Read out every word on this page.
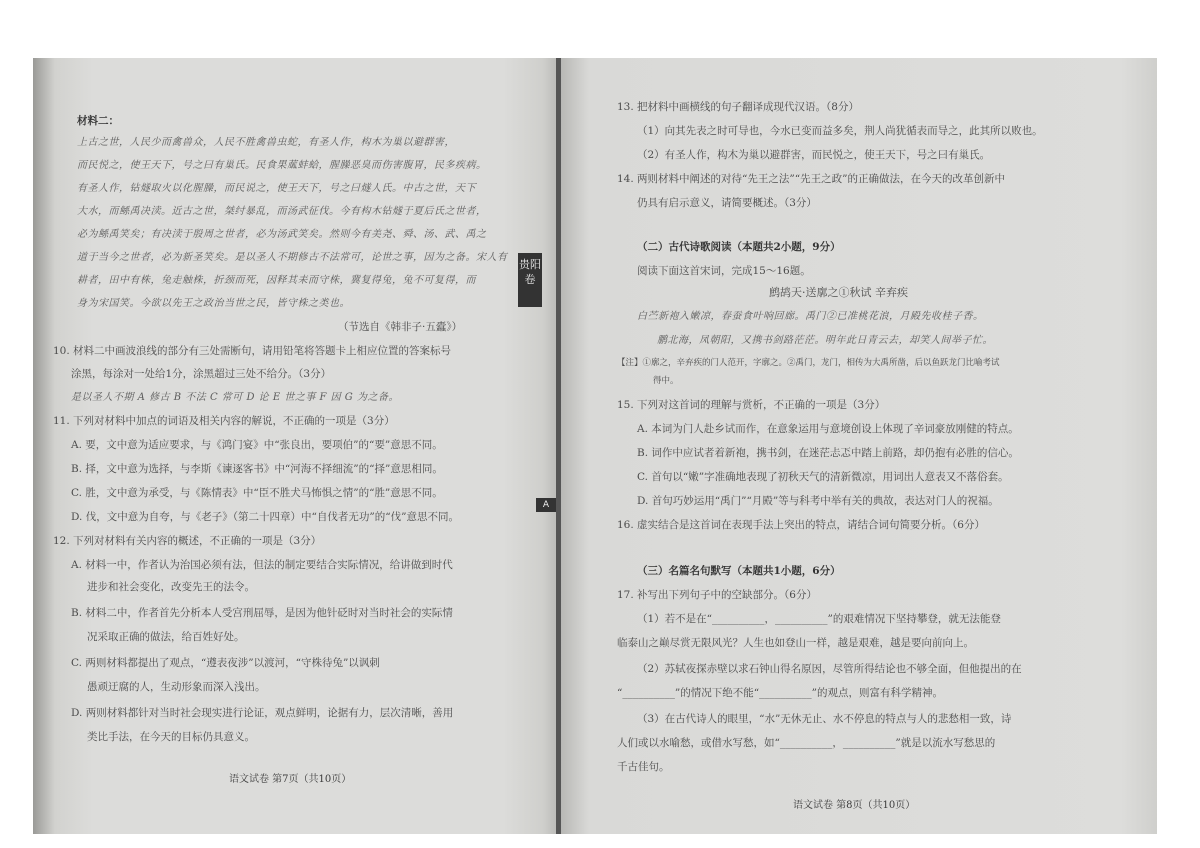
材料二：
上古之世，人民少而禽兽众，人民不胜禽兽虫蛇，有圣人作，构木为巢以避群害，
而民悦之，使王天下，号之曰有巢氏。民食果蓏蚌蛤，腥臊恶臭而伤害腹胃，民多疾病。
有圣人作，钻燧取火以化腥臊，而民说之，使王天下，号之曰燧人氏。中古之世，天下
大水，而鲧禹决渎。近古之世，桀纣暴乱，而汤武征伐。今有构木钻燧于夏后氏之世者，
必为鲧禹笑矣；有决渎于殷周之世者，必为汤武笑矣。然则今有美尧、舜、汤、武、禹之
道于当今之世者，必为新圣笑矣。是以圣人不期修古不法常可，论世之事，因为之备。宋人有
耕者，田中有株，兔走触株，折颈而死，因释其耒而守株，冀复得兔，兔不可复得，而
身为宋国笑。今欲以先王之政治当世之民，皆守株之类也。
（节选自《韩非子·五蠹》）
10. 材料二中画波浪线的部分有三处需断句，请用铅笔将答题卡上相应位置的答案标号
涂黑，每涂对一处给1分，涂黑超过三处不给分。（3分）
是以圣人不期 A 修古 B 不法 C 常可 D 论 E 世之事 F 因 G 为之备。
11. 下列对材料中加点的词语及相关内容的解说，不正确的一项是（3分）
A. 要，文中意为适应要求，与《鸿门宴》中“张良出，要项伯”的“要”意思不同。
B. 择，文中意为选择，与李斯《谏逐客书》中“河海不择细流”的“择”意思相同。
C. 胜，文中意为承受，与《陈情表》中“臣不胜犬马怖惧之情”的“胜”意思不同。
D. 伐，文中意为自夸，与《老子》（第二十四章）中“自伐者无功”的“伐”意思不同。
12. 下列对材料有关内容的概述，不正确的一项是（3分）
A. 材料一中，作者认为治国必须有法，但法的制定要结合实际情况，给讲做到时代
进步和社会变化，改变先王的法令。
B. 材料二中，作者首先分析本人受宫刑屈辱，是因为他针砭时对当时社会的实际情
况采取正确的做法，给百姓好处。
C. 两则材料都提出了观点，“遵表夜涉”以渡河，“守株待兔”以讽刺
愚顽迂腐的人，生动形象而深入浅出。
D. 两则材料都针对当时社会现实进行论证，观点鲜明，论据有力，层次清晰，善用
类比手法，在今天的目标仍具意义。
语文试卷 第7页（共10页）
贵阳卷
A
13. 把材料中画横线的句子翻译成现代汉语。（8分）
（1）向其先表之时可导也，今水已变而益多矣，荆人尚犹循表而导之，此其所以败也。
（2）有圣人作，构木为巢以避群害，而民悦之，使王天下，号之曰有巢氏。
14. 两则材料中阐述的对待“先王之法”“先王之政”的正确做法，在今天的改革创新中
仍具有启示意义，请简要概述。（3分）
（二）古代诗歌阅读（本题共2小题，9分）
阅读下面这首宋词，完成15～16题。
鹧鸪天·送廓之①秋试 辛弃疾
白苎新袍入嫩凉，春蚕食叶响回廊。禹门②已准桃花浪，月殿先收桂子香。
鹏北海，凤朝阳，又携书剑路茫茫。明年此日青云去，却笑人间举子忙。
【注】①廓之，辛弃疾的门人范开，字廓之。②禹门，龙门，相传为大禹所凿，后以鱼跃龙门比喻考试
得中。
15. 下列对这首词的理解与赏析，不正确的一项是（3分）
A. 本词为门人赴乡试而作，在意象运用与意境创设上体现了辛词豪放刚健的特点。
B. 词作中应试者着新袍，携书剑，在迷茫忐忑中踏上前路，却仍抱有必胜的信心。
C. 首句以“嫩”字准确地表现了初秋天气的清新微凉，用词出人意表又不落俗套。
D. 首句巧妙运用“禹门”“月殿”等与科考中举有关的典故，表达对门人的祝福。
16. 虚实结合是这首词在表现手法上突出的特点，请结合词句简要分析。（6分）
（三）名篇名句默写（本题共1小题，6分）
17. 补写出下列句子中的空缺部分。（6分）
（1）若不是在“__________，__________”的艰难情况下坚持攀登，就无法能登
临泰山之巅尽赏无限风光？人生也如登山一样，越是艰难，越是要向前向上。
（2）苏轼夜探赤壁以求石钟山得名原因，尽管所得结论也不够全面，但他提出的在
“__________”的情况下绝不能“__________”的观点，则富有科学精神。
（3）在古代诗人的眼里，“水”无休无止、水不停息的特点与人的悲愁相一致，诗
人们或以水喻愁，或借水写愁，如“__________，__________”就是以流水写愁思的
千古佳句。
语文试卷 第8页（共10页）
